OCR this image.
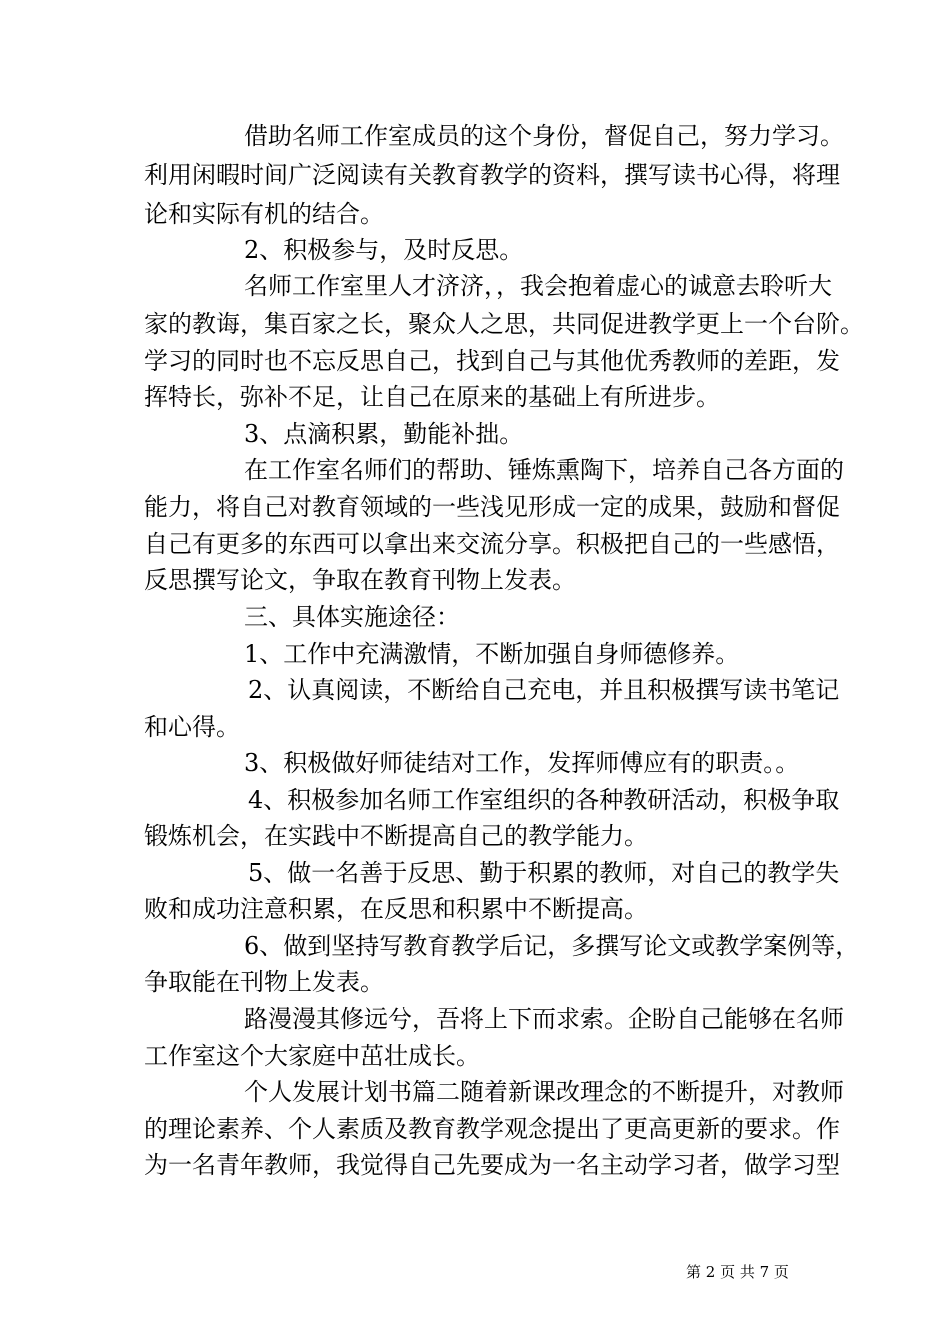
借助名师工作室成员的这个身份，督促自己，努力学习。
利用闲暇时间广泛阅读有关教育教学的资料，撰写读书心得，将理
论和实际有机的结合。
2、积极参与，及时反思。
名师工作室里人才济济，，我会抱着虚心的诚意去聆听大
家的教诲，集百家之长，聚众人之思，共同促进教学更上一个台阶。
学习的同时也不忘反思自己，找到自己与其他优秀教师的差距，发
挥特长，弥补不足，让自己在原来的基础上有所进步。
3、点滴积累，勤能补拙。
在工作室名师们的帮助、锤炼熏陶下，培养自己各方面的
能力，将自己对教育领域的一些浅见形成一定的成果，鼓励和督促
自己有更多的东西可以拿出来交流分享。积极把自己的一些感悟，
反思撰写论文，争取在教育刊物上发表。
三、具体实施途径：
1、工作中充满激情，不断加强自身师德修养。
2、认真阅读，不断给自己充电，并且积极撰写读书笔记
和心得。
3、积极做好师徒结对工作，发挥师傅应有的职责。。
4、积极参加名师工作室组织的各种教研活动，积极争取
锻炼机会，在实践中不断提高自己的教学能力。
5、做一名善于反思、勤于积累的教师，对自己的教学失
败和成功注意积累，在反思和积累中不断提高。
6、做到坚持写教育教学后记，多撰写论文或教学案例等，
争取能在刊物上发表。
路漫漫其修远兮，吾将上下而求索。企盼自己能够在名师
工作室这个大家庭中茁壮成长。
个人发展计划书篇二随着新课改理念的不断提升，对教师
的理论素养、个人素质及教育教学观念提出了更高更新的要求。作
为一名青年教师，我觉得自己先要成为一名主动学习者，做学习型
第 2 页 共 7 页
